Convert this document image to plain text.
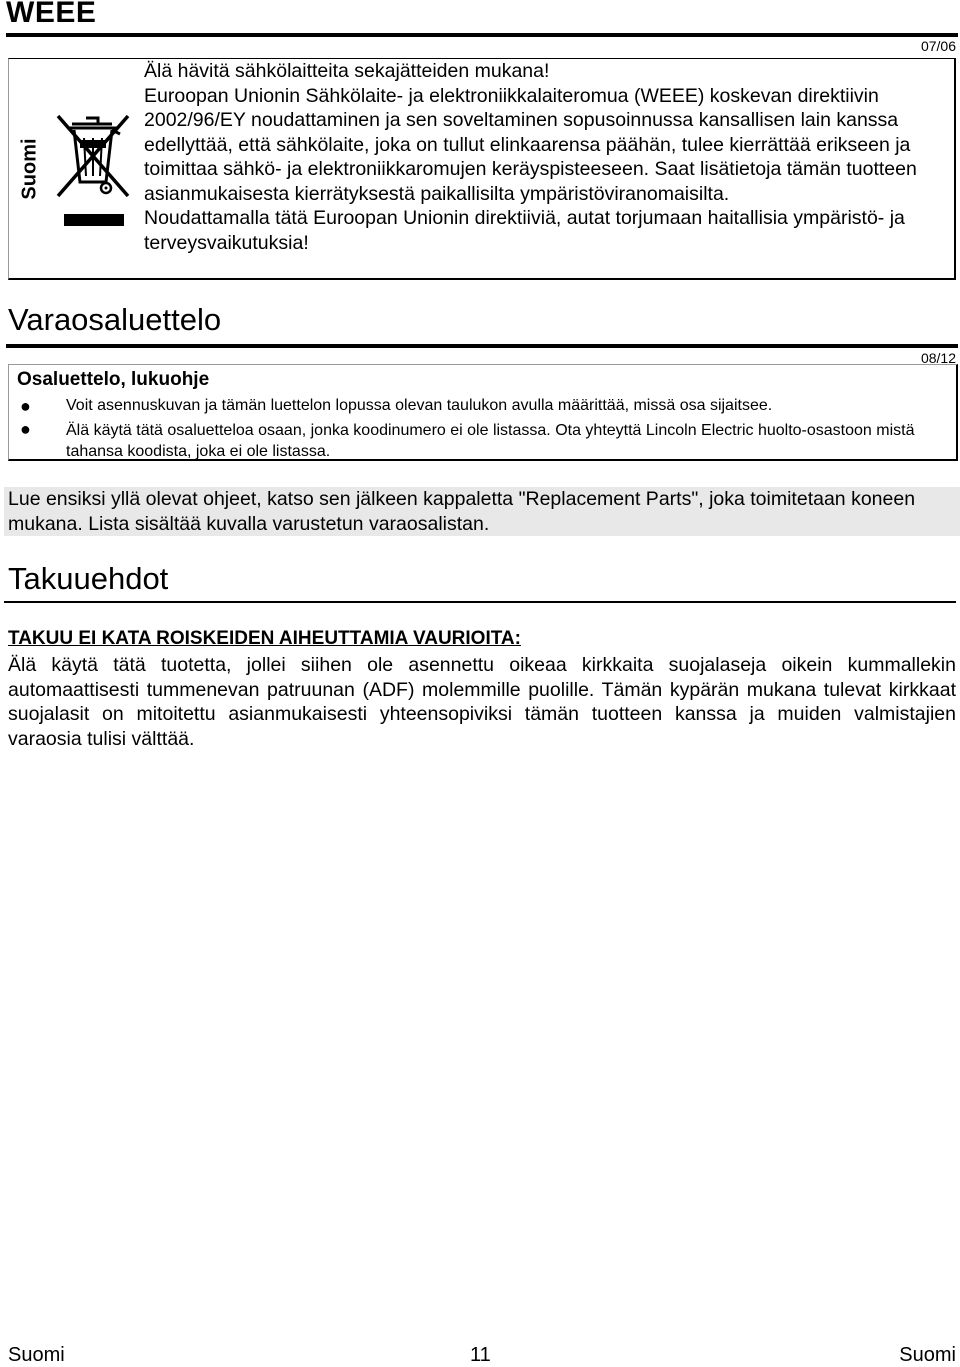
WEEE
07/06
Suomi

Älä hävitä sähkölaitteita sekajätteiden mukana!

Euroopan Unionin Sähkölaite- ja elektroniikkalaiteromua (WEEE) koskevan direktiivin 2002/96/EY noudattaminen ja sen soveltaminen sopusoinnussa kansallisen lain kanssa edellyttää, että sähkölaite, joka on tullut elinkaarensa päähän, tulee kierrättää erikseen ja toimittaa sähkö- ja elektroniikkaromujen keräyspisteeseen. Saat lisätietoja tämän tuotteen asianmukaisesta kierrätyksestä paikallisilta ympäristöviranomaisilta.

Noudattamalla tätä Euroopan Unionin direktiiviä, autat torjumaan haitallisia ympäristö- ja terveysvaikutuksia!

Varaosaluettelo
08/12
Osaluettelo, lukuohje
● Voit asennuskuvan ja tämän luettelon lopussa olevan taulukon avulla määrittää, missä osa sijaitsee.
● Älä käytä tätä osaluetteloa osaan, jonka koodinumero ei ole listassa. Ota yhteyttä Lincoln Electric huolto-osastoon mistä tahansa koodista, joka ei ole listassa.
Lue ensiksi yllä olevat ohjeet, katso sen jälkeen kappaletta "Replacement Parts", joka toimitetaan koneen mukana. Lista sisältää kuvalla varustetun varaosalistan.
Takuuehdot
TAKUU EI KATA ROISKEIDEN AIHEUTTAMIA VAURIOITA:
Älä käytä tätä tuotetta, jollei siihen ole asennettu oikeaa kirkkaita suojalaseja oikein kummallekin automaattisesti tummenevan patruunan (ADF) molemmille puolille. Tämän kypärän mukana tulevat kirkkaat suojalasit on mitoitettu asianmukaisesti yhteensopiviksi tämän tuotteen kanssa ja muiden valmistajien varaosia tulisi välttää.
Suomi	11	Suomi
